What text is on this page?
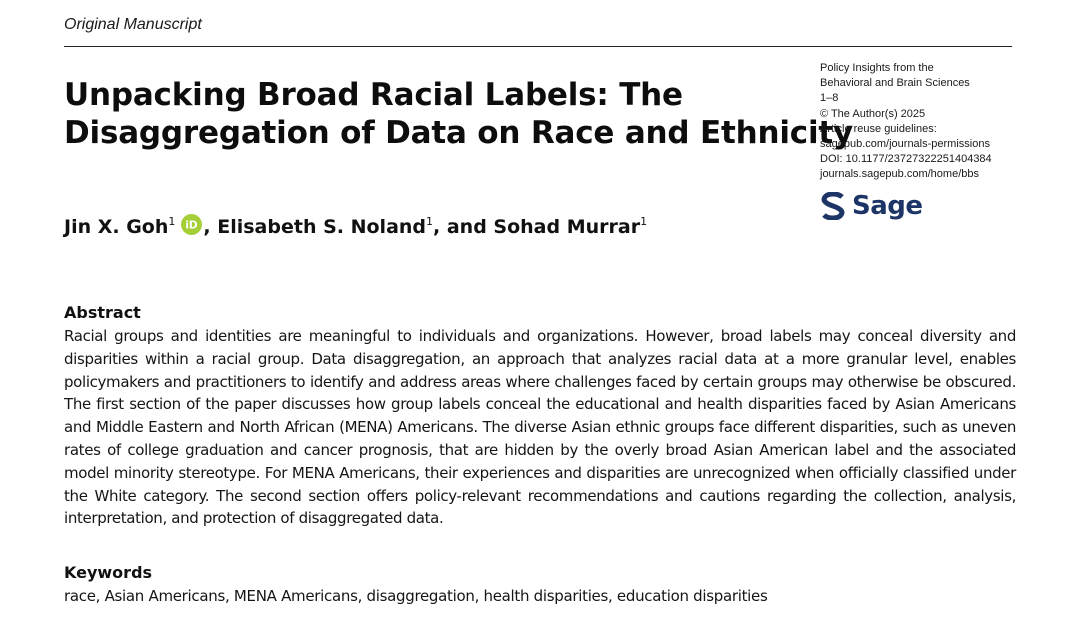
Original Manuscript
Unpacking Broad Racial Labels: The
Disaggregation of Data on Race and Ethnicity
Policy Insights from the
Behavioral and Brain Sciences
1–8
© The Author(s) 2025
Article reuse guidelines:
sagepub.com/journals-permissions
DOI: 10.1177/23727322251404384
journals.sagepub.com/home/bbs
Sage
Jin X. Goh$^1$ iD , Elisabeth S. Noland$^1$, and Sohad Murrar$^1$
Abstract

Racial groups and identities are meaningful to individuals and organizations. However, broad labels may conceal diversity and disparities within a racial group. Data disaggregation, an approach that analyzes racial data at a more granular level, enables policymakers and practitioners to identify and address areas where challenges faced by certain groups may otherwise be obscured. The first section of the paper discusses how group labels conceal the educational and health disparities faced by Asian Americans and Middle Eastern and North African (MENA) Americans. The diverse Asian ethnic groups face different disparities, such as uneven rates of college graduation and cancer prognosis, that are hidden by the overly broad Asian American label and the associated model minority stereotype. For MENA Americans, their experiences and disparities are unrecognized when officially classified under the White category. The second section offers policy-relevant recommendations and cautions regarding the collection, analysis, interpretation, and protection of disaggregated data.

Keywords

race, Asian Americans, MENA Americans, disaggregation, health disparities, education disparities
